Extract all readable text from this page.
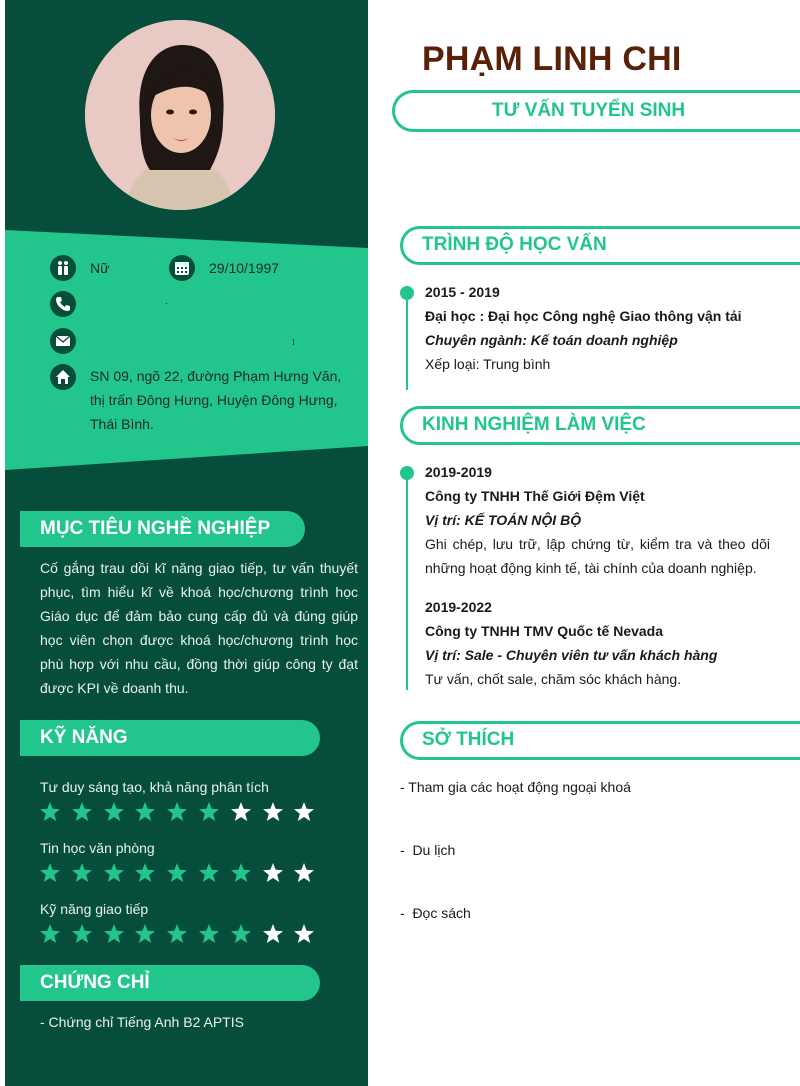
Nữ	29/10/1997
.
ı
SN 09, ngõ 22, đường Phạm Hưng Văn, thị trấn Đông Hưng, Huyện Đông Hưng, Thái Bình.
MỤC TIÊU NGHỀ NGHIỆP
Cố gắng trau dồi kĩ năng giao tiếp, tư vấn thuyết phục, tìm hiểu kĩ về khoá học/chương trình học Giáo dục để đảm bảo cung cấp đủ và đúng giúp học viên chọn được khoá học/chương trình học phù hợp với nhu cầu, đồng thời giúp công ty đạt được KPI về doanh thu.
KỸ NĂNG
Tư duy sáng tạo, khả năng phân tích
Tin học văn phòng
Kỹ năng giao tiếp
CHỨNG CHỈ
- Chứng chỉ Tiếng Anh B2 APTIS
PHẠM LINH CHI
TƯ VẤN TUYỂN SINH
TRÌNH ĐỘ HỌC VẤN
2015 - 2019
Đại học : Đại học Công nghệ Giao thông vận tải
Chuyên ngành: Kế toán doanh nghiệp
Xếp loại: Trung bình
KINH NGHIỆM LÀM VIỆC
2019-2019
Công ty TNHH Thế Giới Đệm Việt
Vị trí: KẾ TOÁN NỘI BỘ
Ghi chép, lưu trữ, lập chứng từ, kiểm tra và theo dõi những hoạt động kinh tế, tài chính của doanh nghiệp.
2019-2022
Công ty TNHH TMV Quốc tế Nevada
Vị trí: Sale - Chuyên viên tư vấn khách hàng
Tư vấn, chốt sale, chăm sóc khách hàng.
SỞ THÍCH
- Tham gia các hoạt động ngoại khoá
-  Du lịch
-  Đọc sách
